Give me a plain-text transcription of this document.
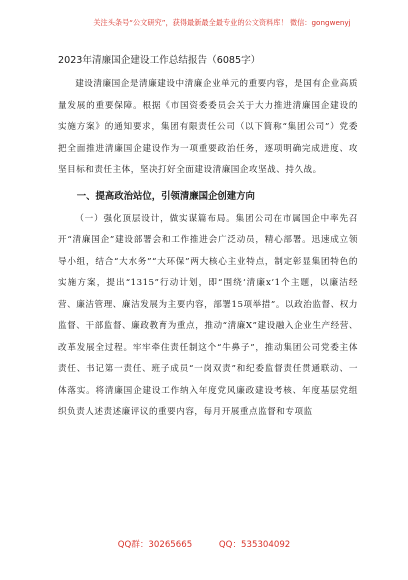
关注头条号“公文研究”，获得最新最全最专业的公文资料库！ 微信：gongwenyj
2023年清廉国企建设工作总结报告（6085字）

建设清廉国企是清廉建设中清廉企业单元的重要内容，是国有企业高质量发展的重要保障。根据《市国资委委员会关于大力推进清廉国企建设的实施方案》的通知要求，集团有限责任公司（以下简称“集团公司”）党委把全面推进清廉国企建设作为一项重要政治任务，逐项明确完成进度、攻坚目标和责任主体，坚决打好全面建设清廉国企攻坚战、持久战。

一、提高政治站位，引领清廉国企创建方向

（一）强化顶层设计，做实谋篇布局。集团公司在市属国企中率先召开“清廉国企”建设部署会和工作推进会广泛动员，精心部署。迅速成立领导小组，结合“大水务”“大环保”两大核心主业特点，制定彰显集团特色的实施方案，提出“1315”行动计划，即“围绕‘清廉x’1个主题，以廉洁经营、廉洁管理、廉洁发展为主要内容，部署15项举措”。以政治监督、权力监督、干部监督、廉政教育为重点，推动“清廉X”建设融入企业生产经营、改革发展全过程。牢牢牵住责任制这个“牛鼻子”，推动集团公司党委主体责任、书记第一责任、班子成员“一岗双责”和纪委监督责任贯通联动、一体落实。将清廉国企建设工作纳入年度党风廉政建设考核、年度基层党组织负责人述责述廉评议的重要内容，每月开展重点监督和专项监

QQ群：30265665	QQ：535304092
